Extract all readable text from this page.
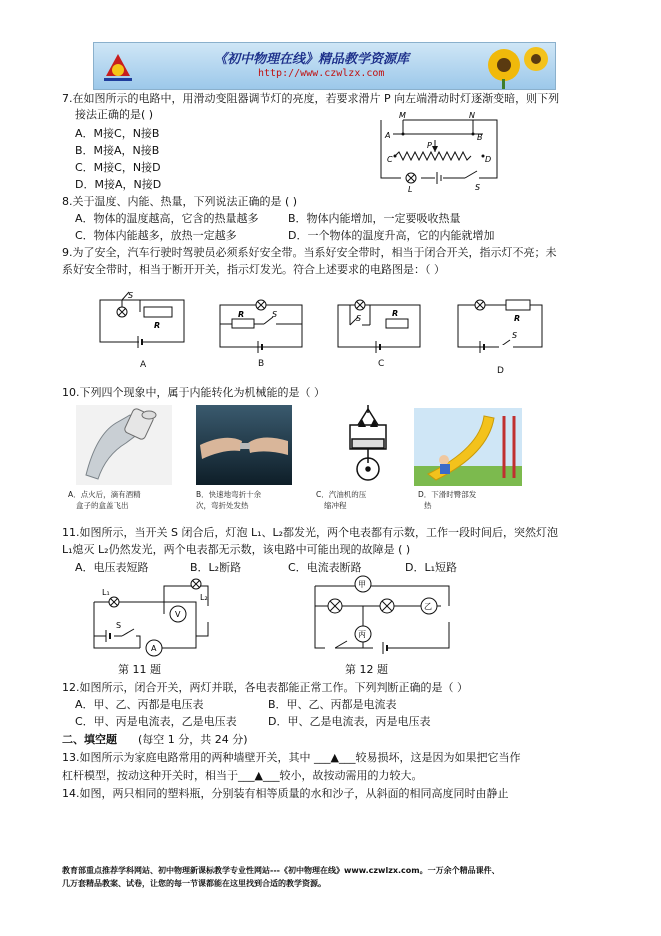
《初中物理在线》精品教学资源库
http://www.czwlzx.com
7.在如图所示的电路中，用滑动变阻器调节灯的亮度，若要求滑片 P 向左端滑动时灯逐渐变暗，则下列
接法正确的是( )
A．M接C，N接B
B．M接A，N接B
C．M接C，N接D
D．M接A，N接D
M	N
A	B
C	D
P
L	S
8.关于温度、内能、热量，下列说法正确的是 ( )
A．物体的温度越高，它含的热量越多	B．物体内能增加，一定要吸收热量
C．物体内能越多，放热一定越多	D．一个物体的温度升高，它的内能就增加
9.为了安全，汽车行驶时驾驶员必须系好安全带。当系好安全带时，相当于闭合开关，指示灯不亮；未
系好安全带时，相当于断开开关，指示灯发光。符合上述要求的电路图是：（ ）
S
R
A
R	S
B
S
R
C
R
S
D
10.下列四个现象中，属于内能转化为机械能的是（ ）
A．点火后，滴有酒精
盒子的盒盖飞出
B．快速地弯折十余
次，弯折处发热
C．汽油机的压
缩冲程
D．下滑时臀部发
热
11.如图所示，当开关 S 闭合后，灯泡 L₁、L₂都发光，两个电表都有示数，工作一段时间后，突然灯泡
L₁熄灭 L₂仍然发光，两个电表都无示数，该电路中可能出现的故障是 ( )
A．电压表短路	B．L₂断路	C．电流表断路	D．L₁短路
L₁
L₂
V
A
S
第 11 题
甲
乙
丙
第 12 题
12.如图所示，闭合开关，两灯并联，各电表都能正常工作。下列判断正确的是（ ）
A．甲、乙、丙都是电压表	B．甲、乙、丙都是电流表
C．甲、丙是电流表，乙是电压表	D．甲、乙是电流表，丙是电压表
二、填空题 (每空 1 分，共 24 分)
13.如图所示为家庭电路常用的两种墙壁开关，其中 ___▲___较易损坏，这是因为如果把它当作
杠杆模型，按动这种开关时，相当于___▲___较小，故按动需用的力较大。
14.如图，两只相同的塑料瓶，分别装有相等质量的水和沙子，从斜面的相同高度同时由静止
教育部重点推荐学科网站、初中物理新课标教学专业性网站---《初中物理在线》www.czwlzx.com。一万余个精品课件、
几万套精品教案、试卷，让您的每一节课都能在这里找到合适的教学资源。
